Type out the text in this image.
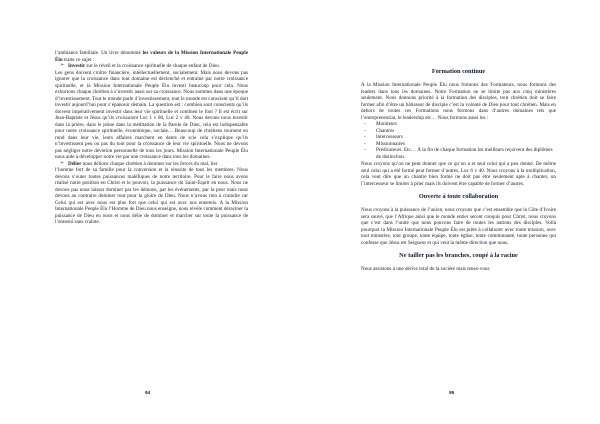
l’ambiance familiale. Un livre dénommé les valeurs de la Mission Internationale Peuple Élu traite ce sujet :

➢ Investir sur le réveil et la croissance spirituelle de chaque enfant de Dieu.

Les gens doivent croître financière, intellectuellement, socialement. Mais nous devons pas ignorer que la croissance dans tout domaine est déclenché et entraîné par notre croissance spirituelle, et la Mission Internationale Peuple Élu investi beaucoup pour cela. Nous exhortons chaque chrétien à s’investir aussi sur sa croissance. Nous sommes dans une époque d’investissement. Tout le monde parle d’investissement, tout le monde est conscient qu’il doit investir aujourd’hui pour s’épanouir demain. La question est : combien sont conscients qu’ils doivent impérativement investir dans leur vie spirituelle et combien le font ? Il est écrit sur Jean-Baptiste et Jésus qu’ils croissaient Luc 1 v 80, Luc 2 v 40. Nous devons nous investir dans la prière, dans le jeûne dans la méditation de la Parole de Dieu, cela est indispensable pour notre croissance spirituelle, économique, sociale… Beaucoup de chrétiens tournent en rond dans leur vie, leurs affaires marchent en dents de scie cela s’explique qu’ils n’investissent peu ou pas du tout pour la croissance de leur vie spirituelle. Nous ne devons pas négliger notre dévotion personnelle de tous les jours. Mission Internationale Peuple Élu nous aide à développer notre vie par une croissance dans tous les domaines.

➢ Délier nous délions chaque chrétien à dominer sur les forces du mal, lier

l’homme fort de sa famille pour la conversion et la réussite de tous les membres. Nous devons s’outer toutes puissances maléfiques de notre territoire. Pour le faire nous avons réalisé notre position en Christ et le pouvoir, la puissance du Saint-Esprit en nous. Nous ne devons pas nous laisser dominer par les démons, par les événements, par la peur mais nous devons au contraire dominer tout pour la gloire de Dieu. Nous n’avons rien à craindre car Celui qui est avec nous est plus fort que celui qui est avec nos ennemis. A la Mission Internationale Peuple Élu l’Homme de Dieu nous enseigne, nous révèle comment déraciner la puissance de Dieu en nous et nous délie de dominer et marcher sur toute la puissance de l’ennemi sans crainte.

94
Formation continue

A la Mission Internationale Peuple Élu nous formons des Formateurs, nous formons des leaders dans tous les domaines. Notre Formation ne se limite pas aux cinq ministères seulement. Nous donnons priorité à la formation des disciples, tout chrétien doit se faire former afin d’être un bâtisseur de disciple c’est la volonté de Dieu pour tout chrétien. Mais en dehors de toutes ces Formations nous formons dans d’autres domaines tels que l’entrepreneuriat, le leadership etc… Nous formons aussi les :

-	Moniteurs
-	Chantres
-	Intercesseurs
-	Missionnaires
-	Prédicateurs. Etc… À la fin de chaque formation les meilleurs reçoivent des diplômes de distinction.

Nous croyons qu’on ne peut donner que ce qu’on a et seul celui qui a peu donné. De même seul celui qui a été formé peut former d’autres. Luc 6 v 40. Nous croyons à la multiplication, cela veut dire que un chantre bien formé ne doit pas être seulement apte à chanter, un l’intercesseur se limiter à prier mais ils doivent être capable de former d’autres.

Ouverte à toute collaboration

Nous croyons à la puissance de l’union, nous croyons que c’est ensemble que la Côte d’Ivoire sera sauvé, que l’Afrique ainsi que le monde entier seront conquis pour Christ, nous croyons que c’est dans l’unité que nous pouvons faire de toutes les nations des disciples. Voilà pourquoi la Mission Internationale Peuple Élu est prête à collaborer avec toute mission, avec tout ministère, tout groupe, toute équipe, toute église, toute communauté, toute personne qui confesse que Jésus est Seigneur et qui veut la même direction que nous.

Ne tailler pas les branches, coupé à la racine

Nous assistons à une dérive total de la société mais tenez-vous

95
